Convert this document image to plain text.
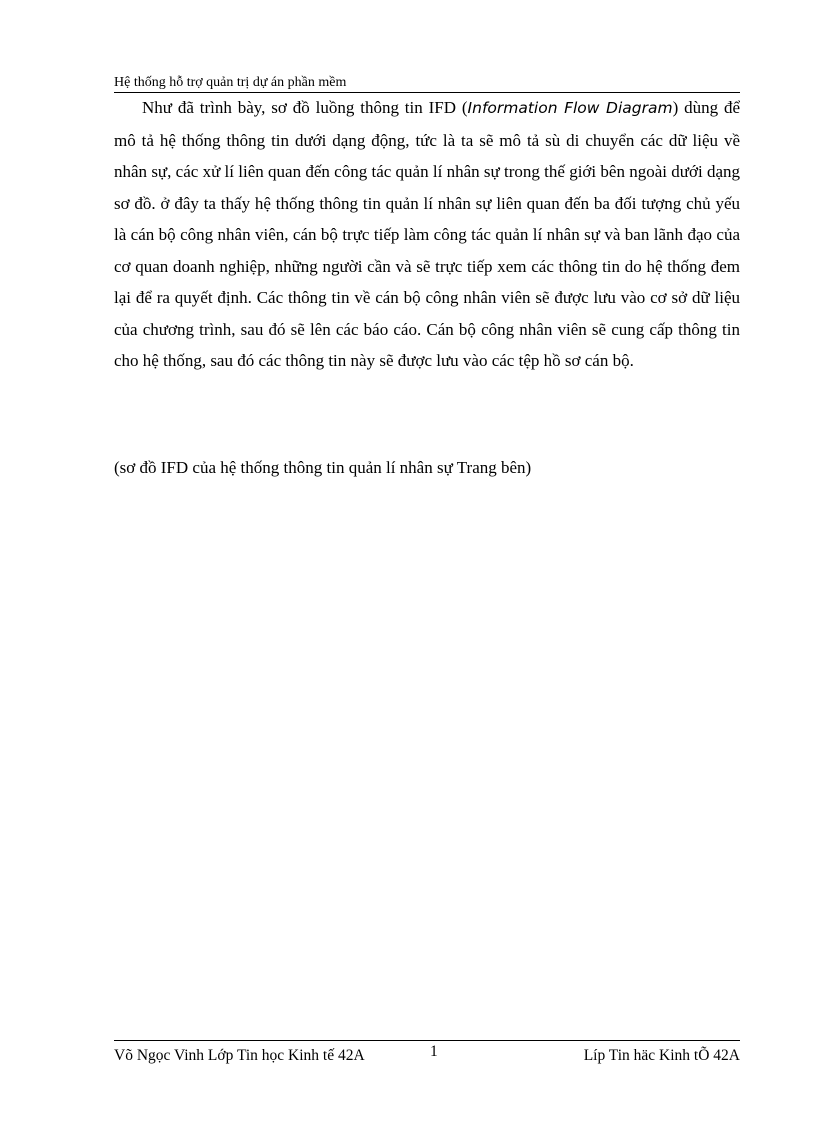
Hệ thống hỗ trợ quản trị dự án phần mềm

Như đã trình bày, sơ đồ luồng thông tin IFD (Information Flow Diagram) dùng để mô tả hệ thống thông tin dưới dạng động, tức là ta sẽ mô tả sù di chuyển các dữ liệu về nhân sự, các xử lí liên quan đến công tác quản lí nhân sự trong thế giới bên ngoài dưới dạng sơ đồ. ở đây ta thấy hệ thống thông tin quản lí nhân sự liên quan đến ba đối tượng chủ yếu là cán bộ công nhân viên, cán bộ trực tiếp làm công tác quản lí nhân sự và ban lãnh đạo của cơ quan doanh nghiệp, những người cần và sẽ trực tiếp xem các thông tin do hệ thống đem lại để ra quyết định. Các thông tin về cán bộ công nhân viên sẽ được lưu vào cơ sở dữ liệu của chương trình, sau đó sẽ lên các báo cáo. Cán bộ công nhân viên sẽ cung cấp thông tin cho hệ thống, sau đó các thông tin này sẽ được lưu vào các tệp hồ sơ cán bộ.

(sơ đồ IFD của hệ thống thông tin quản lí nhân sự Trang bên)

Võ Ngọc Vinh Lớp Tin học Kinh tế 42A	1	Líp Tin häc Kinh tÕ 42A
